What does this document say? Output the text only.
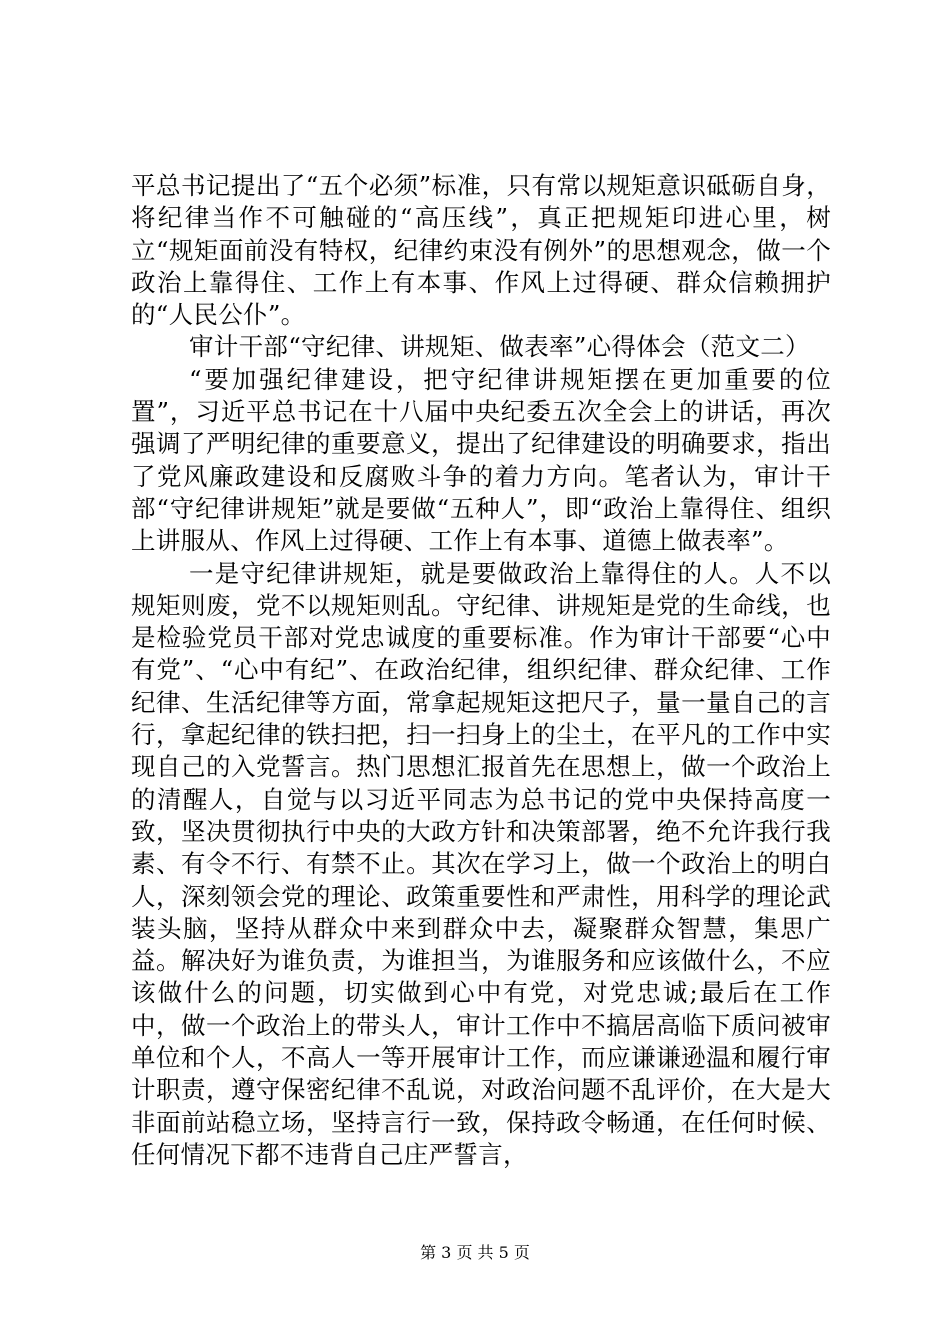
平总书记提出了“五个必须”标准，只有常以规矩意识砥砺自身，将纪律当作不可触碰的“高压线”，真正把规矩印进心里，树立“规矩面前没有特权，纪律约束没有例外”的思想观念，做一个政治上靠得住、工作上有本事、作风上过得硬、群众信赖拥护的“人民公仆”。

审计干部“守纪律、讲规矩、做表率”心得体会（范文二）

“要加强纪律建设，把守纪律讲规矩摆在更加重要的位置”，习近平总书记在十八届中央纪委五次全会上的讲话，再次强调了严明纪律的重要意义，提出了纪律建设的明确要求，指出了党风廉政建设和反腐败斗争的着力方向。笔者认为，审计干部“守纪律讲规矩”就是要做“五种人”，即“政治上靠得住、组织上讲服从、作风上过得硬、工作上有本事、道德上做表率”。

一是守纪律讲规矩，就是要做政治上靠得住的人。人不以规矩则废，党不以规矩则乱。守纪律、讲规矩是党的生命线，也是检验党员干部对党忠诚度的重要标准。作为审计干部要“心中有党”、“心中有纪”、在政治纪律，组织纪律、群众纪律、工作纪律、生活纪律等方面，常拿起规矩这把尺子，量一量自己的言行，拿起纪律的铁扫把，扫一扫身上的尘土，在平凡的工作中实现自己的入党誓言。热门思想汇报首先在思想上，做一个政治上的清醒人，自觉与以习近平同志为总书记的党中央保持高度一致，坚决贯彻执行中央的大政方针和决策部署，绝不允许我行我素、有令不行、有禁不止。其次在学习上，做一个政治上的明白人，深刻领会党的理论、政策重要性和严肃性，用科学的理论武装头脑，坚持从群众中来到群众中去，凝聚群众智慧，集思广益。解决好为谁负责，为谁担当，为谁服务和应该做什么，不应该做什么的问题，切实做到心中有党，对党忠诚;最后在工作中，做一个政治上的带头人，审计工作中不搞居高临下质问被审单位和个人，不高人一等开展审计工作，而应谦谦逊温和履行审计职责，遵守保密纪律不乱说，对政治问题不乱评价，在大是大非面前站稳立场，坚持言行一致，保持政令畅通，在任何时候、任何情况下都不违背自己庄严誓言，

第 3 页 共 5 页
